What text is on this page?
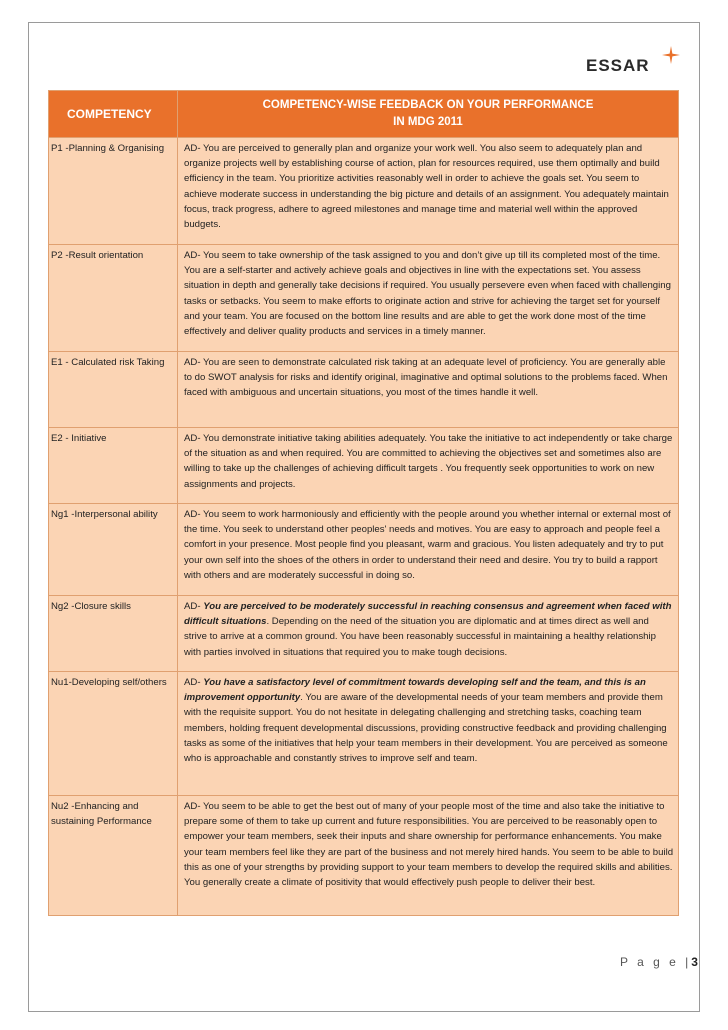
ESSAR
COMPETENCY	COMPETENCY-WISE FEEDBACK ON YOUR PERFORMANCE
IN MDG 2011

P1 -Planning & Organising	AD- You are perceived to generally plan and organize your work well. You also seem to adequately plan and organize projects well by establishing course of action, plan for resources required, use them optimally and build efficiency in the team. You prioritize activities reasonably well in order to achieve the goals set. You seem to achieve moderate success in understanding the big picture and details of an assignment. You adequately maintain focus, track progress, adhere to agreed milestones and manage time and material well within the approved budgets.
P2 -Result orientation	AD- You seem to take ownership of the task assigned to you and don’t give up till its completed most of the time. You are a self-starter and actively achieve goals and objectives in line with the expectations set. You assess situation in depth and generally take decisions if required. You usually persevere even when faced with challenging tasks or setbacks. You seem to make efforts to originate action and strive for achieving the target set for yourself and your team. You are focused on the bottom line results and are able to get the work done most of the time effectively and deliver quality products and services in a timely manner.
E1 - Calculated risk Taking	AD- You are seen to demonstrate calculated risk taking at an adequate level of proficiency. You are generally able to do SWOT analysis for risks and identify original, imaginative and optimal solutions to the problems faced. When faced with ambiguous and uncertain situations, you most of the times handle it well.
E2 - Initiative	AD- You demonstrate initiative taking abilities adequately. You take the initiative to act independently or take charge of the situation as and when required. You are committed to achieving the objectives set and sometimes also are willing to take up the challenges of achieving difficult targets . You frequently seek opportunities to work on new assignments and projects.
Ng1 -Interpersonal ability	AD- You seem to work harmoniously and efficiently with the people around you whether internal or external most of the time. You seek to understand other peoples' needs and motives. You are easy to approach and people feel a comfort in your presence. Most people find you pleasant, warm and gracious. You listen adequately and try to put your own self into the shoes of the others in order to understand their need and desire. You try to build a rapport with others and are moderately successful in doing so.
Ng2 -Closure skills	AD- You are perceived to be moderately successful in reaching consensus and agreement when faced with difficult situations. Depending on the need of the situation you are diplomatic and at times direct as well and strive to arrive at a common ground. You have been reasonably successful in maintaining a healthy relationship with parties involved in situations that required you to make tough decisions.
Nu1-Developing self/others	AD- You have a satisfactory level of commitment towards developing self and the team, and this is an improvement opportunity. You are aware of the developmental needs of your team members and provide them with the requisite support. You do not hesitate in delegating challenging and stretching tasks, coaching team members, holding frequent developmental discussions, providing constructive feedback and providing challenging tasks as some of the initiatives that help your team members in their development. You are perceived as someone who is approachable and constantly strives to improve self and team.
Nu2 -Enhancing and sustaining Performance	AD- You seem to be able to get the best out of many of your people most of the time and also take the initiative to prepare some of them to take up current and future responsibilities. You are perceived to be reasonably open to empower your team members, seek their inputs and share ownership for performance enhancements. You make your team members feel like they are part of the business and not merely hired hands. You seem to be able to build this as one of your strengths by providing support to your team members to develop the required skills and abilities. You generally create a climate of positivity that would effectively push people to deliver their best.
P a g e |3
